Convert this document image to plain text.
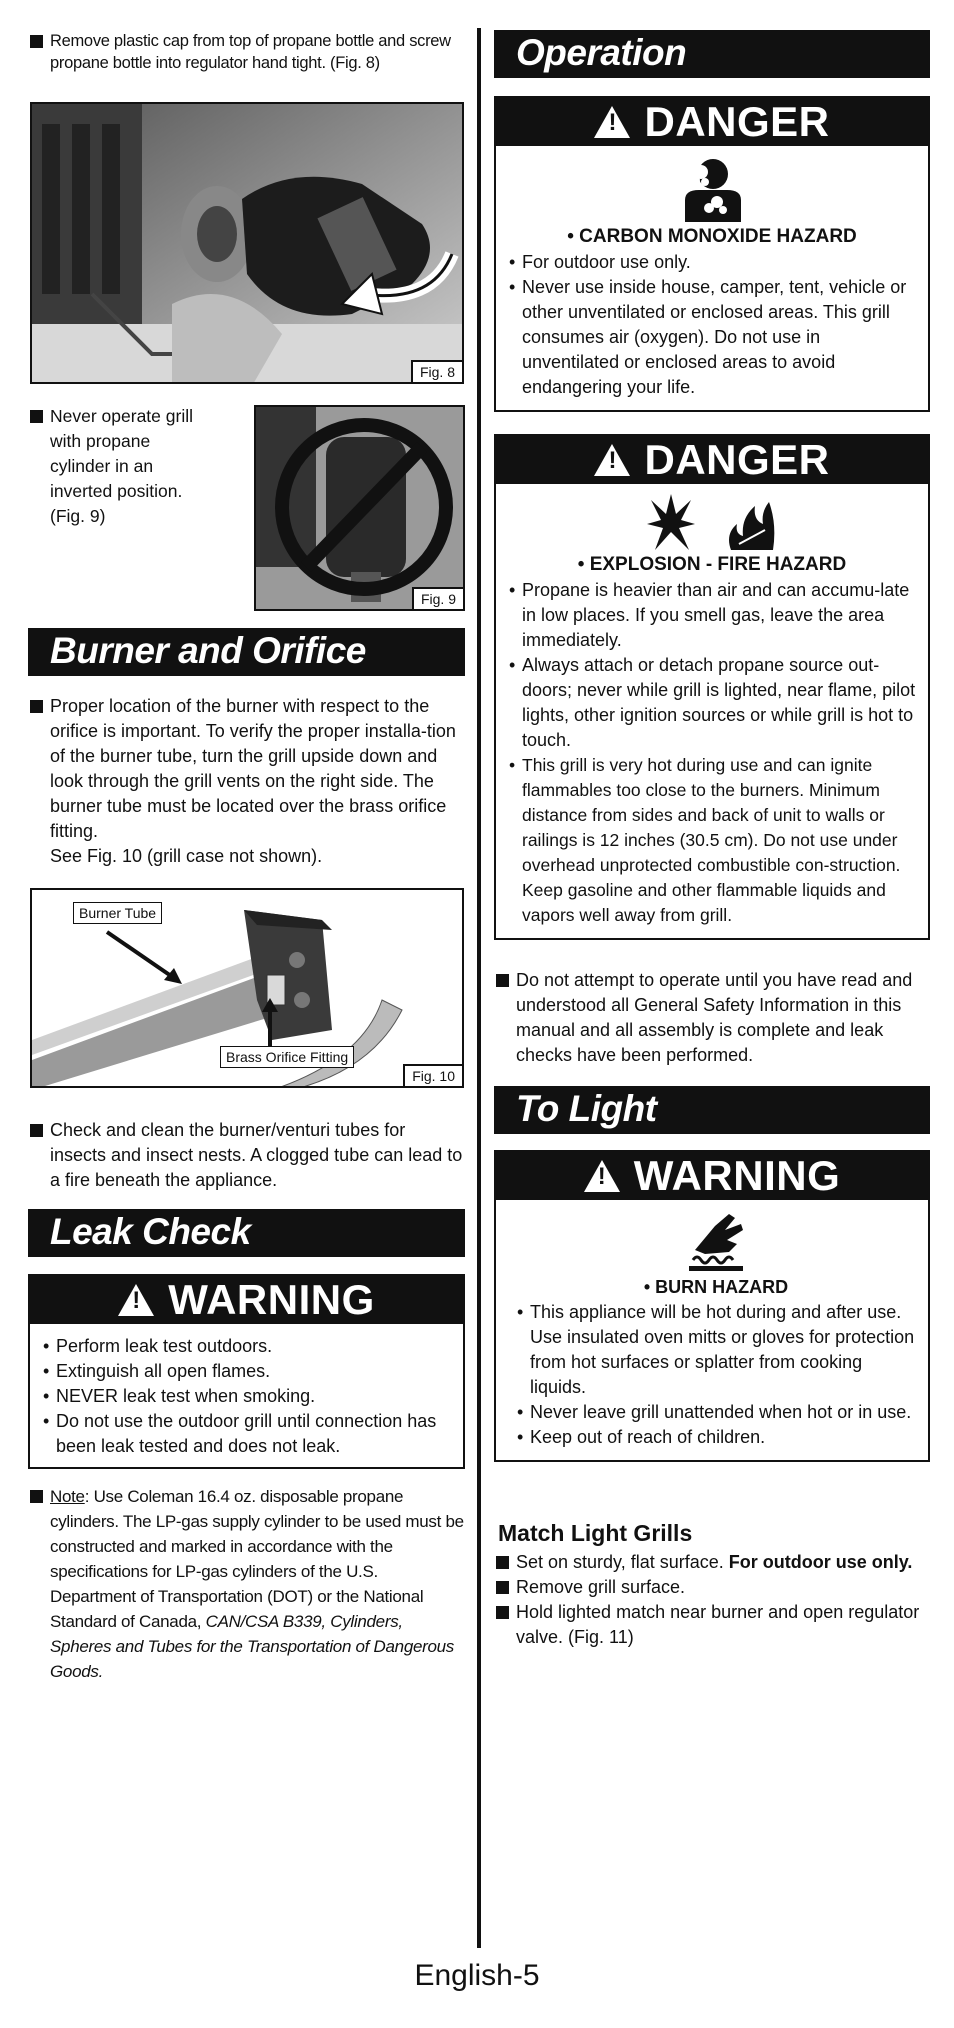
Remove plastic cap from top of propane bottle and screw propane bottle into regulator hand tight. (Fig. 8)
Fig. 8
Never operate grill with propane cylinder in an inverted position. (Fig. 9)
Fig. 9
Burner and Orifice
Proper location of the burner with respect to the orifice is important. To verify the proper installa-tion of the burner tube, turn the grill upside down and look through the grill vents on the right side. The burner tube must be located over the brass orifice fitting.
See Fig. 10 (grill case not shown).
Burner Tube
Brass Orifice Fitting
Fig. 10
Check and clean the burner/venturi tubes for insects and insect nests. A clogged tube can lead to a fire beneath the appliance.
Leak Check
! WARNING
• Perform leak test outdoors.
• Extinguish all open flames.
• NEVER leak test when smoking.
• Do not use the outdoor grill until connection has been leak tested and does not leak.
Note: Use Coleman 16.4 oz. disposable propane cylinders. The LP-gas supply cylinder to be used must be constructed and marked in accordance with the specifications for LP-gas cylinders of the U.S. Department of Transportation (DOT) or the National Standard of Canada, CAN/CSA B339, Cylinders, Spheres and Tubes for the Transportation of Dangerous Goods.
Operation
! DANGER
• CARBON MONOXIDE HAZARD
• For outdoor use only.
• Never use inside house, camper, tent, vehicle or other unventilated or enclosed areas. This grill consumes air (oxygen). Do not use in unventilated or enclosed areas to avoid endangering your life.
! DANGER
• EXPLOSION - FIRE HAZARD
• Propane is heavier than air and can accumu-late in low places. If you smell gas, leave the area immediately.
• Always attach or detach propane source out-doors; never while grill is lighted, near flame, pilot lights, other ignition sources or while grill is hot to touch.
• This grill is very hot during use and can ignite flammables too close to the burners. Minimum distance from sides and back of unit to walls or railings is 12 inches (30.5 cm). Do not use under overhead unprotected combustible con-struction. Keep gasoline and other flammable liquids and vapors well away from grill.
Do not attempt to operate until you have read and understood all General Safety Information in this manual and all assembly is complete and leak checks have been performed.
To Light
! WARNING
• BURN HAZARD
• This appliance will be hot during and after use. Use insulated oven mitts or gloves for protection from hot surfaces or splatter from cooking liquids.
• Never leave grill unattended when hot or in use.
• Keep out of reach of children.
Match Light Grills
Set on sturdy, flat surface. For outdoor use only.
Remove grill surface.
Hold lighted match near burner and open regulator valve. (Fig. 11)
English-5
